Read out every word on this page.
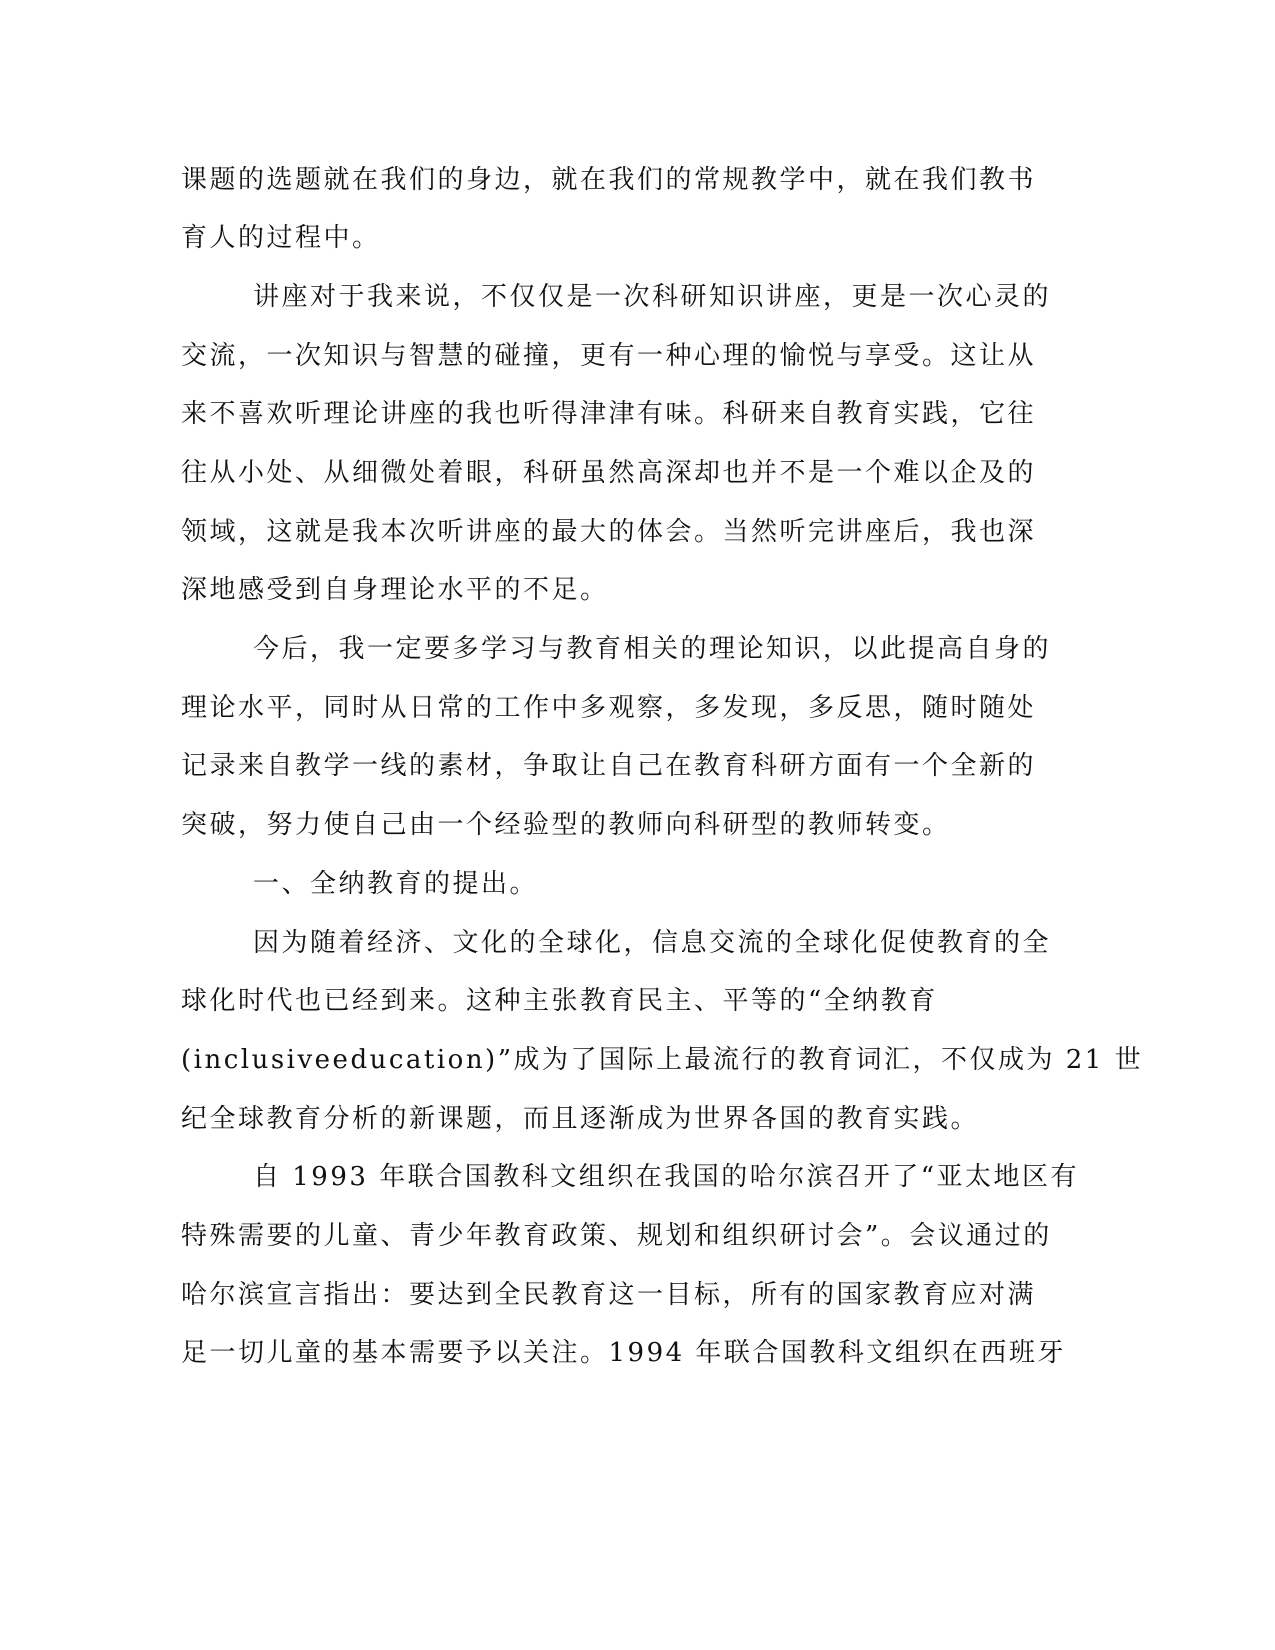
课题的选题就在我们的身边，就在我们的常规教学中，就在我们教书
育人的过程中。
讲座对于我来说，不仅仅是一次科研知识讲座，更是一次心灵的
交流，一次知识与智慧的碰撞，更有一种心理的愉悦与享受。这让从
来不喜欢听理论讲座的我也听得津津有味。科研来自教育实践，它往
往从小处、从细微处着眼，科研虽然高深却也并不是一个难以企及的
领域，这就是我本次听讲座的最大的体会。当然听完讲座后，我也深
深地感受到自身理论水平的不足。
今后，我一定要多学习与教育相关的理论知识，以此提高自身的
理论水平，同时从日常的工作中多观察，多发现，多反思，随时随处
记录来自教学一线的素材，争取让自己在教育科研方面有一个全新的
突破，努力使自己由一个经验型的教师向科研型的教师转变。
一、全纳教育的提出。
因为随着经济、文化的全球化，信息交流的全球化促使教育的全
球化时代也已经到来。这种主张教育民主、平等的“全纳教育
(inclusiveeducation)”成为了国际上最流行的教育词汇，不仅成为 21 世
纪全球教育分析的新课题，而且逐渐成为世界各国的教育实践。
自 1993 年联合国教科文组织在我国的哈尔滨召开了“亚太地区有
特殊需要的儿童、青少年教育政策、规划和组织研讨会”。会议通过的
哈尔滨宣言指出：要达到全民教育这一目标，所有的国家教育应对满
足一切儿童的基本需要予以关注。1994 年联合国教科文组织在西班牙
